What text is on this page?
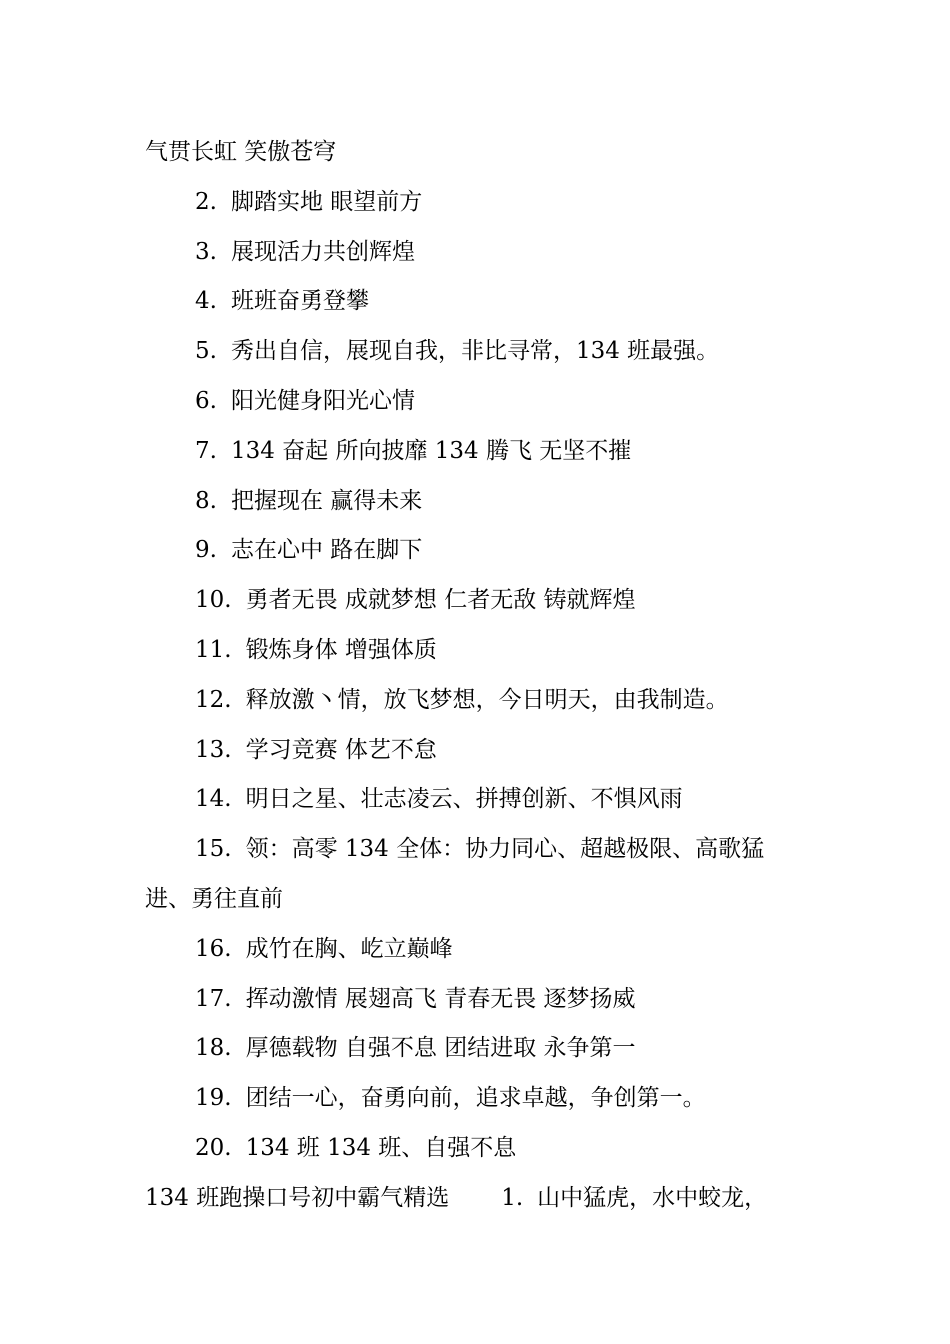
气贯长虹 笑傲苍穹
2. 脚踏实地 眼望前方
3. 展现活力共创辉煌
4. 班班奋勇登攀
5. 秀出自信，展现自我，非比寻常，134 班最强。
6. 阳光健身阳光心情
7. 134 奋起 所向披靡 134 腾飞 无坚不摧
8. 把握现在 赢得未来
9. 志在心中 路在脚下
10. 勇者无畏 成就梦想 仁者无敌 铸就辉煌
11. 锻炼身体 增强体质
12. 释放激丶情，放飞梦想，今日明天，由我制造。
13. 学习竞赛 体艺不怠
14. 明日之星、壮志凌云、拼搏创新、不惧风雨
15. 领：高零 134 全体：协力同心、超越极限、高歌猛
进、勇往直前
16. 成竹在胸、屹立巅峰
17. 挥动激情 展翅高飞 青春无畏 逐梦扬威
18. 厚德载物 自强不息 团结进取 永争第一
19. 团结一心，奋勇向前，追求卓越，争创第一。
20. 134 班 134 班、自强不息
134 班跑操口号初中霸气精选 1. 山中猛虎，水中蛟龙，
